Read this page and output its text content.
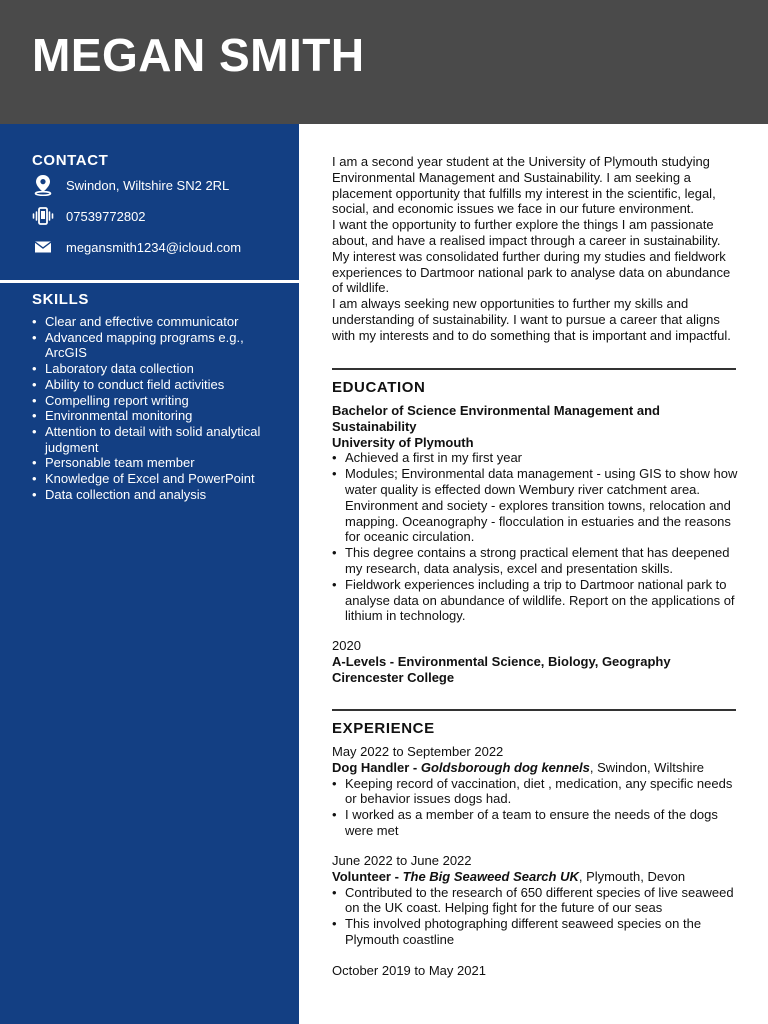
MEGAN SMITH
CONTACT
Swindon, Wiltshire SN2 2RL
07539772802
megansmith1234@icloud.com
SKILLS
• Clear and effective communicator
• Advanced mapping programs e.g., ArcGIS
• Laboratory data collection
• Ability to conduct field activities
• Compelling report writing
• Environmental monitoring
• Attention to detail with solid analytical judgment
• Personable team member
• Knowledge of Excel and PowerPoint
• Data collection and analysis

I am a second year student at the University of Plymouth studying Environmental Management and Sustainability. I am seeking a placement opportunity that fulfills my interest in the scientific, legal, social, and economic issues we face in our future environment.

I want the opportunity to further explore the things I am passionate about, and have a realised impact through a career in sustainability. My interest was consolidated further during my studies and fieldwork experiences to Dartmoor national park to analyse data on abundance of wildlife.

I am always seeking new opportunities to further my skills and understanding of sustainability. I want to pursue a career that aligns with my interests and to do something that is important and impactful.

EDUCATION
Bachelor of Science Environmental Management and Sustainability
University of Plymouth
• Achieved a first in my first year
• Modules; Environmental data management - using GIS to show how water quality is effected down Wembury river catchment area. Environment and society - explores transition towns, relocation and mapping. Oceanography - flocculation in estuaries and the reasons for oceanic circulation.
• This degree contains a strong practical element that has deepened my research, data analysis, excel and presentation skills.
• Fieldwork experiences including a trip to Dartmoor national park to analyse data on abundance of wildlife. Report on the applications of lithium in technology.
2020
A-Levels - Environmental Science, Biology, Geography
Cirencester College
EXPERIENCE
May 2022 to September 2022
Dog Handler - Goldsborough dog kennels, Swindon, Wiltshire
• Keeping record of vaccination, diet , medication, any specific needs or behavior issues dogs had.
• I worked as a member of a team to ensure the needs of the dogs were met
June 2022 to June 2022
Volunteer - The Big Seaweed Search UK, Plymouth, Devon
• Contributed to the research of 650 different species of live seaweed on the UK coast. Helping fight for the future of our seas
• This involved photographing different seaweed species on the Plymouth coastline
October 2019 to May 2021
